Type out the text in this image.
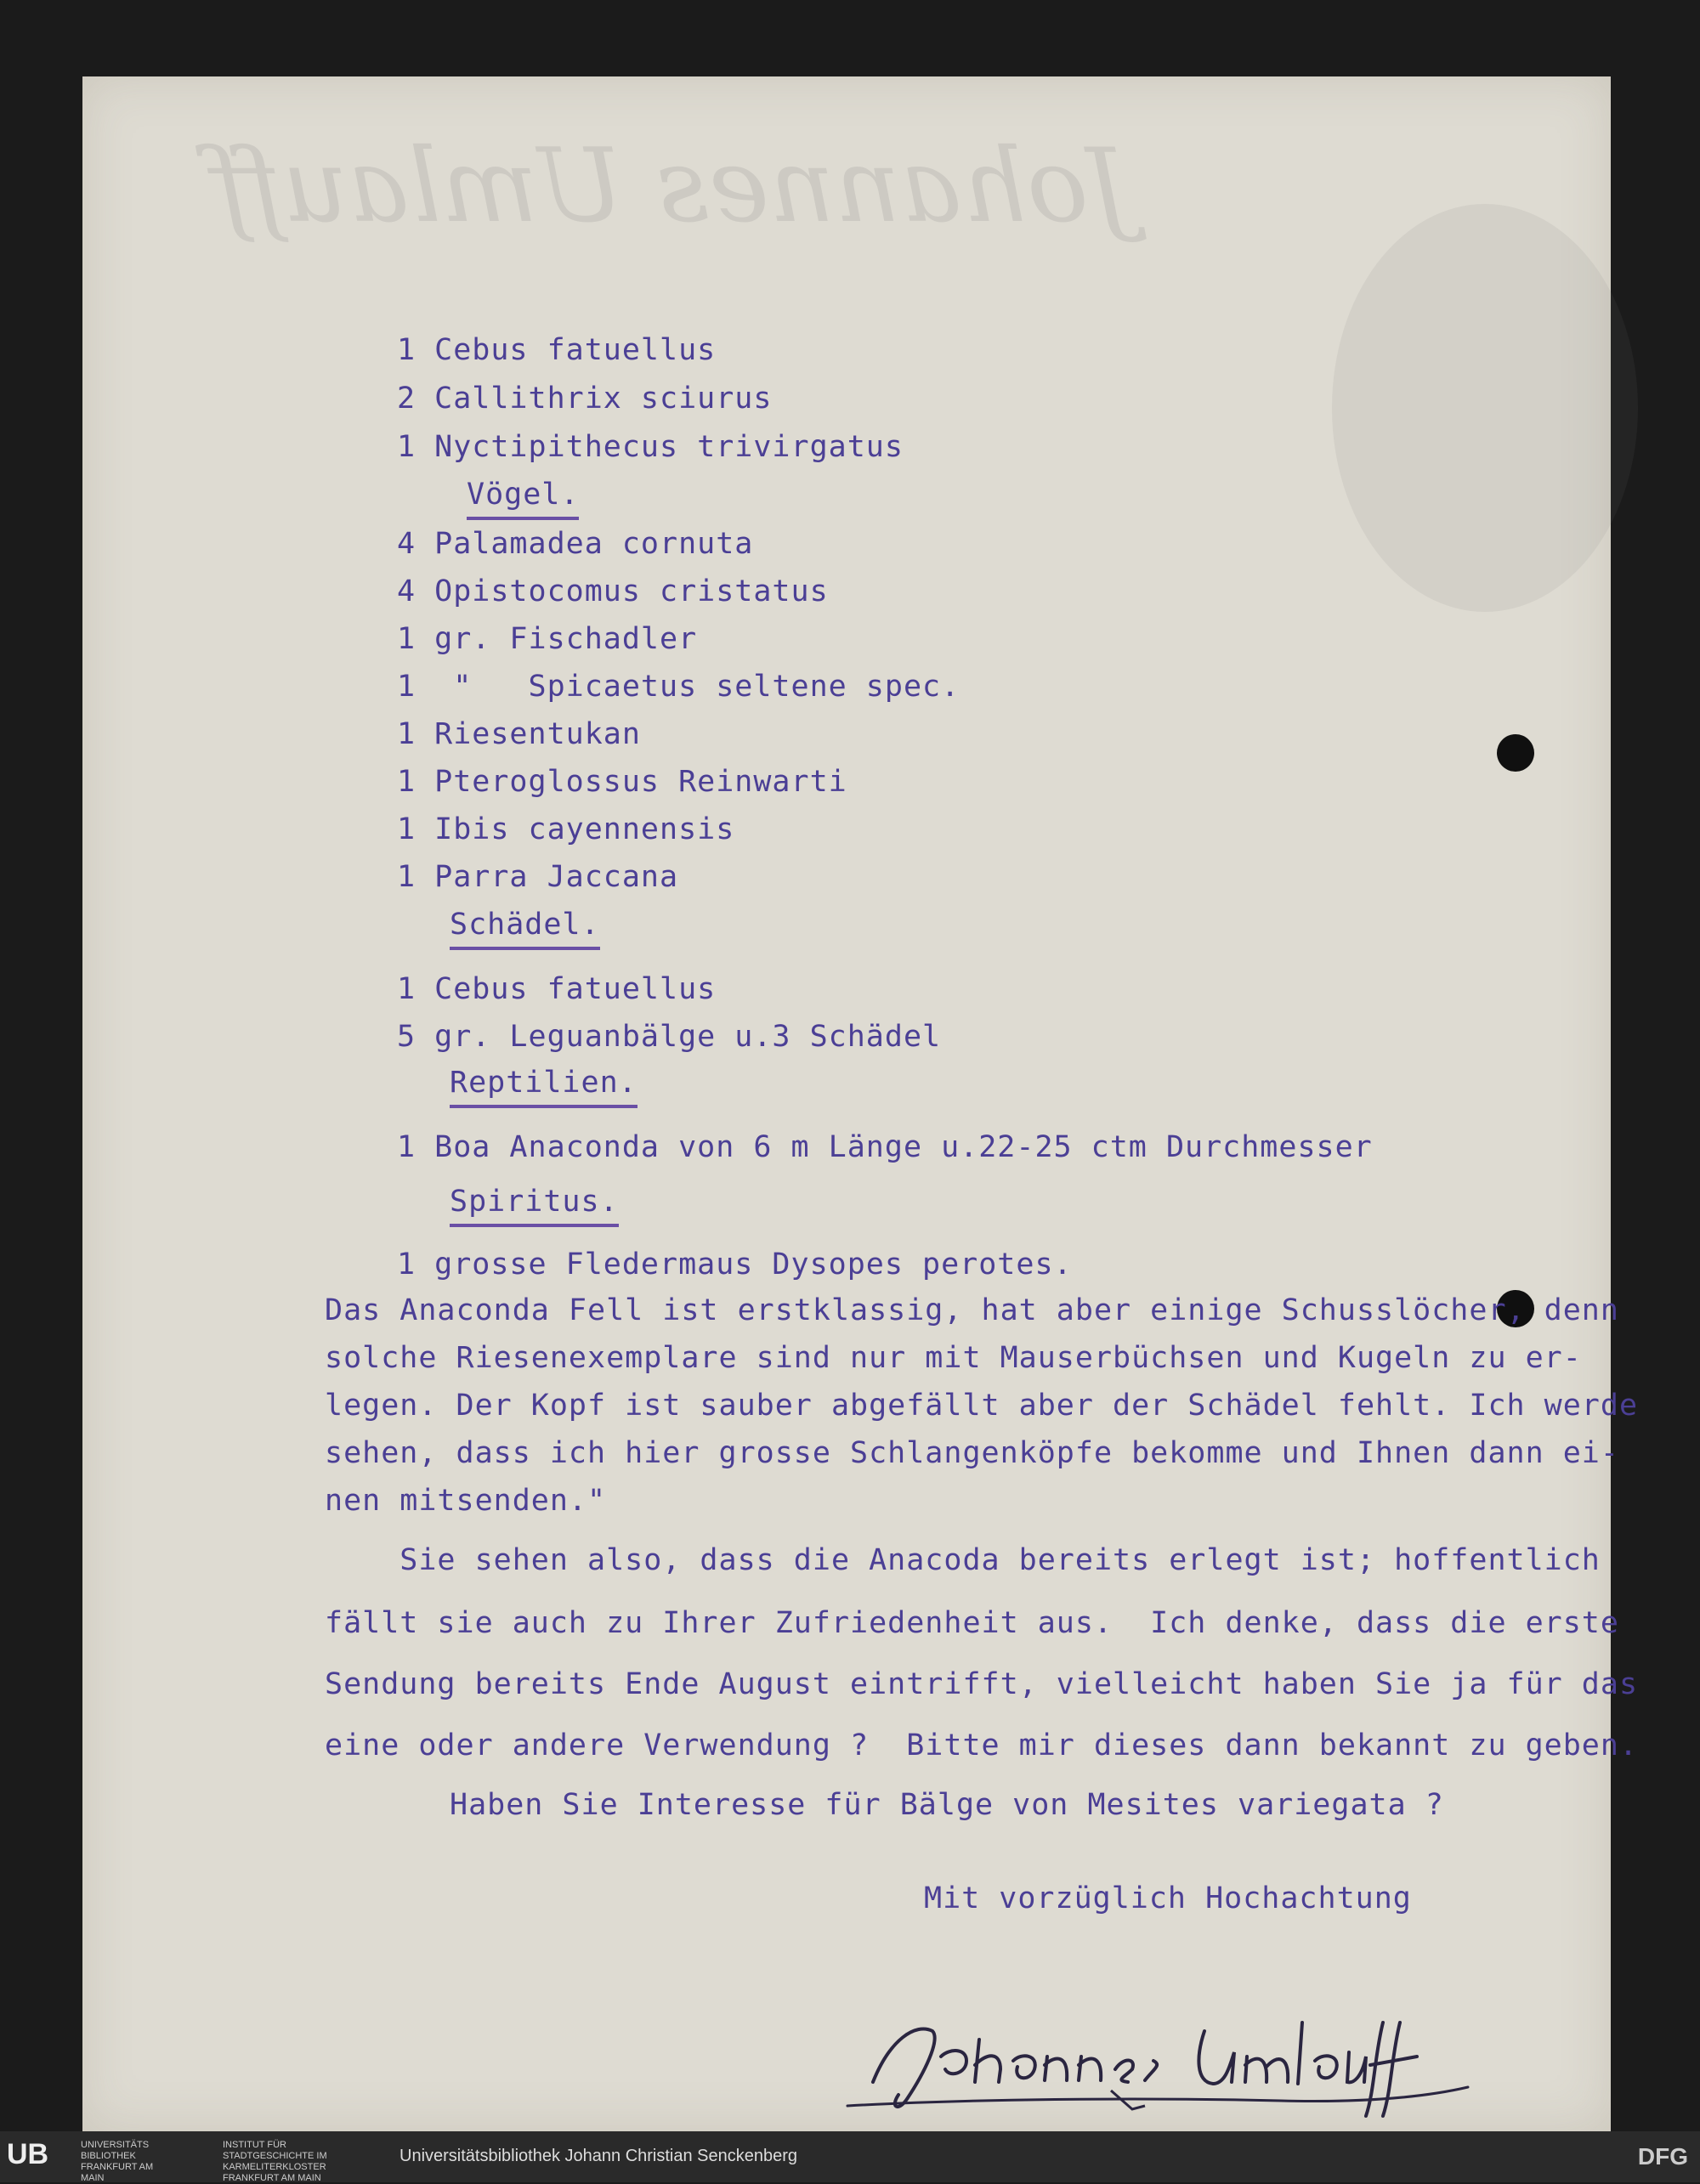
Johannes Umlauff
1 Cebus fatuellus
2 Callithrix sciurus
1 Nyctipithecus trivirgatus
Vögel.
4 Palamadea cornuta
4 Opistocomus cristatus
1 gr. Fischadler
1  "   Spicaetus seltene spec.
1 Riesentukan
1 Pteroglossus Reinwarti
1 Ibis cayennensis
1 Parra Jaccana
Schädel.
1 Cebus fatuellus
5 gr. Leguanbälge u.3 Schädel
Reptilien.
1 Boa Anaconda von 6 m Länge u.22-25 ctm Durchmesser
Spiritus.
1 grosse Fledermaus Dysopes perotes.
Das Anaconda Fell ist erstklassig, hat aber einige Schusslöcher, denn
solche Riesenexemplare sind nur mit Mauserbüchsen und Kugeln zu er-
legen. Der Kopf ist sauber abgefällt aber der Schädel fehlt. Ich werde
sehen, dass ich hier grosse Schlangenköpfe bekomme und Ihnen dann ei-
nen mitsenden."
Sie sehen also, dass die Anacoda bereits erlegt ist; hoffentlich
fällt sie auch zu Ihrer Zufriedenheit aus.  Ich denke, dass die erste
Sendung bereits Ende August eintrifft, vielleicht haben Sie ja für das
eine oder andere Verwendung ?  Bitte mir dieses dann bekannt zu geben.
Haben Sie Interesse für Bälge von Mesites variegata ?
Mit vorzüglich Hochachtung
UB	UNIVERSITÄTS BIBLIOTHEK FRANKFURT AM MAIN
INSTITUT FÜR STADTGESCHICHTE IM KARMELITERKLOSTER FRANKFURT AM MAIN
Universitätsbibliothek Johann Christian Senckenberg	DFG
